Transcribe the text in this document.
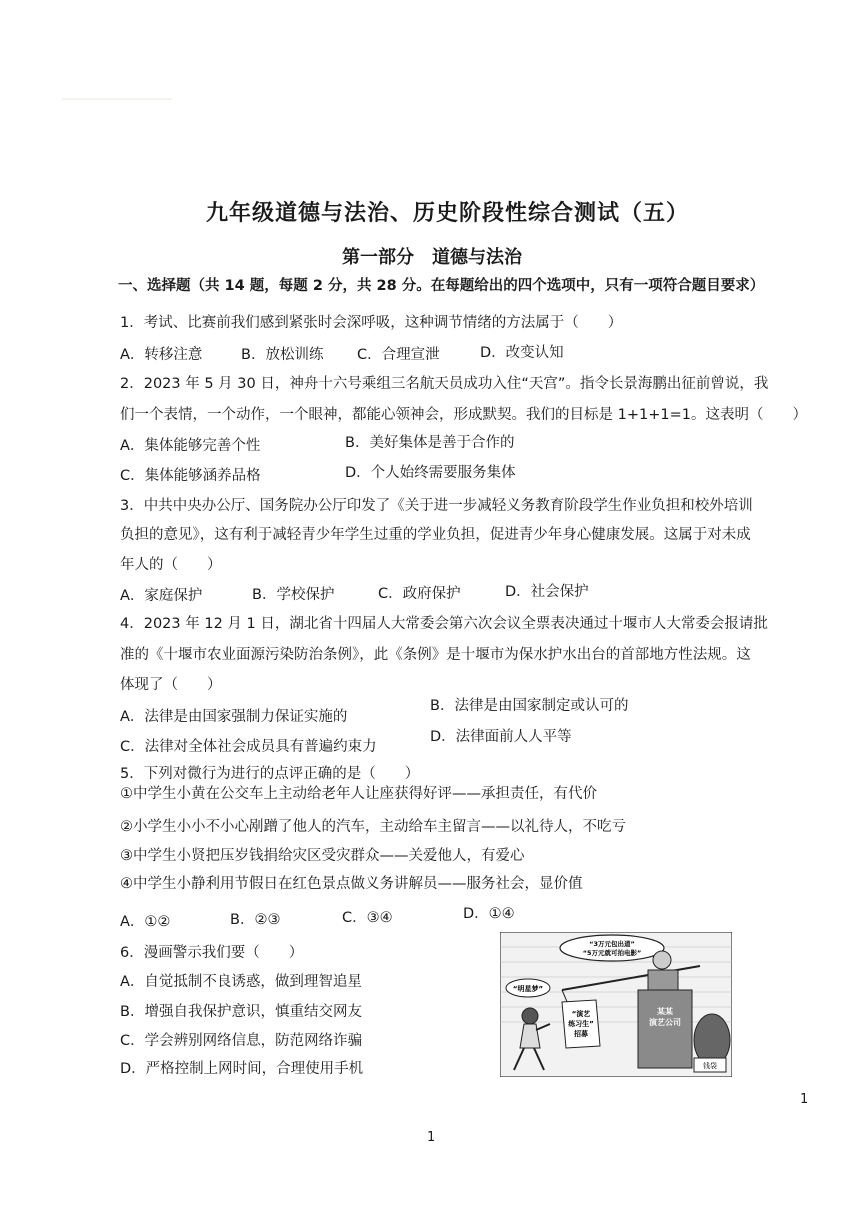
九年级道德与法治、历史阶段性综合测试（五）
第一部分　道德与法治
一、选择题（共 14 题，每题 2 分，共 28 分。在每题给出的四个选项中，只有一项符合题目要求）
1．考试、比赛前我们感到紧张时会深呼吸，这种调节情绪的方法属于（　　）
A．转移注意	B．放松训练 C．合理宣泄	D．改变认知
2．2023 年 5 月 30 日，神舟十六号乘组三名航天员成功入住“天宫”。指令长景海鹏出征前曾说，我
们一个表情，一个动作，一个眼神，都能心领神会，形成默契。我们的目标是 1+1+1=1。这表明（　　）
A．集体能够完善个性	B．美好集体是善于合作的
C．集体能够涵养品格	D．个人始终需要服务集体
3．中共中央办公厅、国务院办公厅印发了《关于进一步减轻义务教育阶段学生作业负担和校外培训
负担的意见》，这有利于减轻青少年学生过重的学业负担，促进青少年身心健康发展。这属于对未成
年人的（　　）
A．家庭保护	B．学校保护	C．政府保护	D．社会保护
4．2023 年 12 月 1 日，湖北省十四届人大常委会第六次会议全票表决通过十堰市人大常委会报请批
准的《十堰市农业面源污染防治条例》，此《条例》是十堰市为保水护水出台的首部地方性法规。这
体现了（　　）
A．法律是由国家强制力保证实施的
B．法律是由国家制定或认可的
C．法律对全体社会成员具有普遍约束力
D．法律面前人人平等
5．下列对微行为进行的点评正确的是（　　）
①中学生小黄在公交车上主动给老年人让座获得好评——承担责任，有代价
②小学生小小不小心剐蹭了他人的汽车，主动给车主留言——以礼待人，不吃亏
③中学生小贤把压岁钱捐给灾区受灾群众——关爱他人，有爱心
④中学生小静利用节假日在红色景点做义务讲解员——服务社会，显价值
A．①②	B．②③	C．③④	D．①④
6．漫画警示我们要（　　）
A．自觉抵制不良诱惑，做到理智追星
B．增强自我保护意识，慎重结交网友
C．学会辨别网络信息，防范网络诈骗
D．严格控制上网时间，合理使用手机
“3万元包出道”
“5万元就可拍电影”
某某
演艺公司
钱袋
“演艺
练习生”
招募
“明星梦”
1
1
